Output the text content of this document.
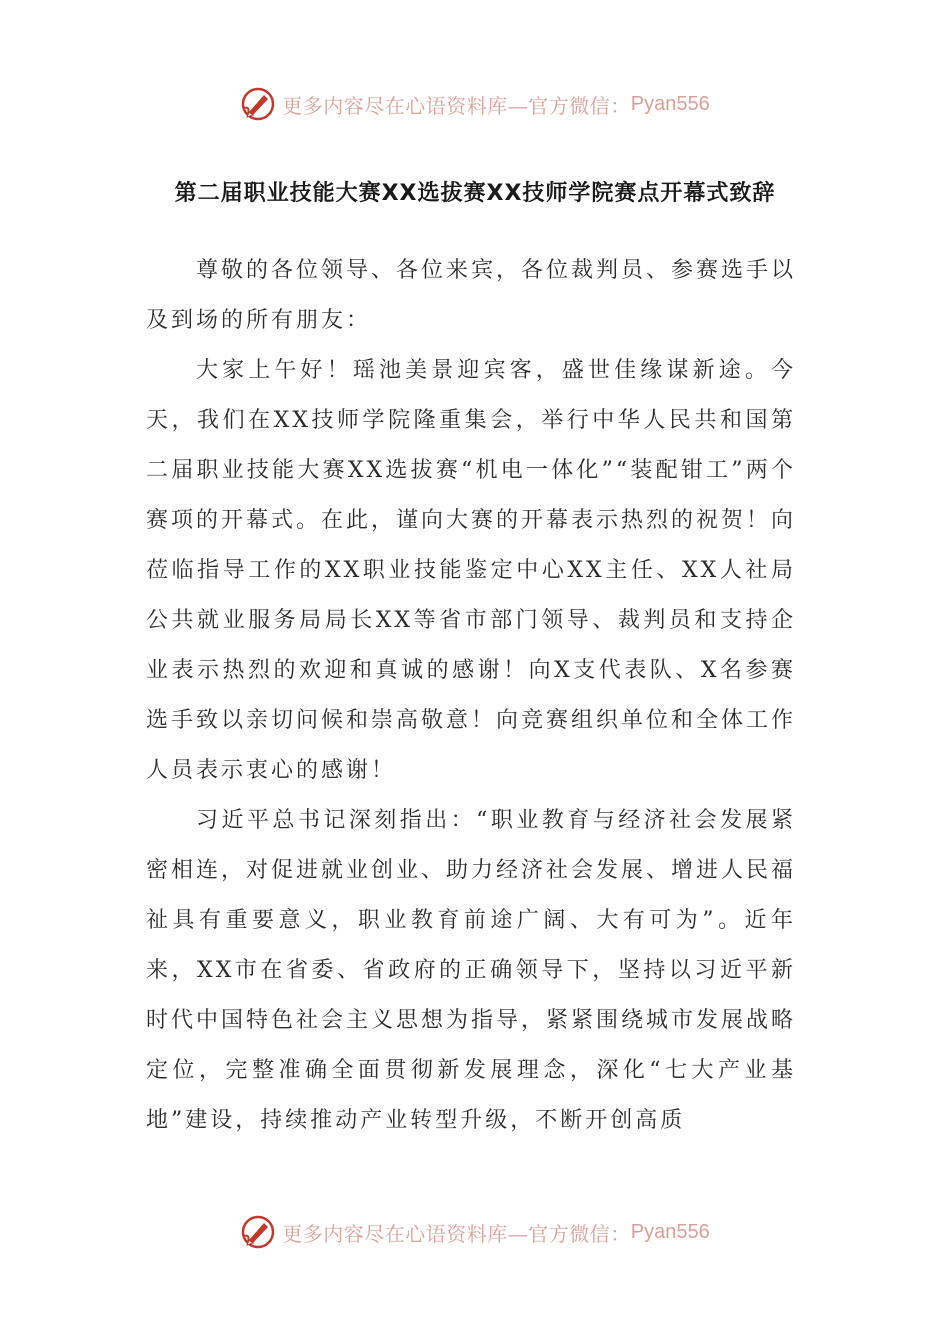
更多内容尽在心语资料库—官方微信： Pyan556
第二届职业技能大赛XX选拔赛XX技师学院赛点开幕式致辞

尊敬的各位领导、各位来宾，各位裁判员、参赛选手以及到场的所有朋友：

大家上午好！瑶池美景迎宾客，盛世佳缘谋新途。今天，我们在XX技师学院隆重集会，举行中华人民共和国第二届职业技能大赛XX选拔赛“机电一体化”“装配钳工”两个赛项的开幕式。在此，谨向大赛的开幕表示热烈的祝贺！向莅临指导工作的XX职业技能鉴定中心XX主任、XX人社局公共就业服务局局长XX等省市部门领导、裁判员和支持企业表示热烈的欢迎和真诚的感谢！向X支代表队、X名参赛选手致以亲切问候和崇高敬意！向竞赛组织单位和全体工作人员表示衷心的感谢！

习近平总书记深刻指出：“职业教育与经济社会发展紧密相连，对促进就业创业、助力经济社会发展、增进人民福祉具有重要意义，职业教育前途广阔、大有可为”。近年来，XX市在省委、省政府的正确领导下，坚持以习近平新时代中国特色社会主义思想为指导，紧紧围绕城市发展战略定位，完整准确全面贯彻新发展理念，深化“七大产业基地”建设，持续推动产业转型升级，不断开创高质

更多内容尽在心语资料库—官方微信： Pyan556
